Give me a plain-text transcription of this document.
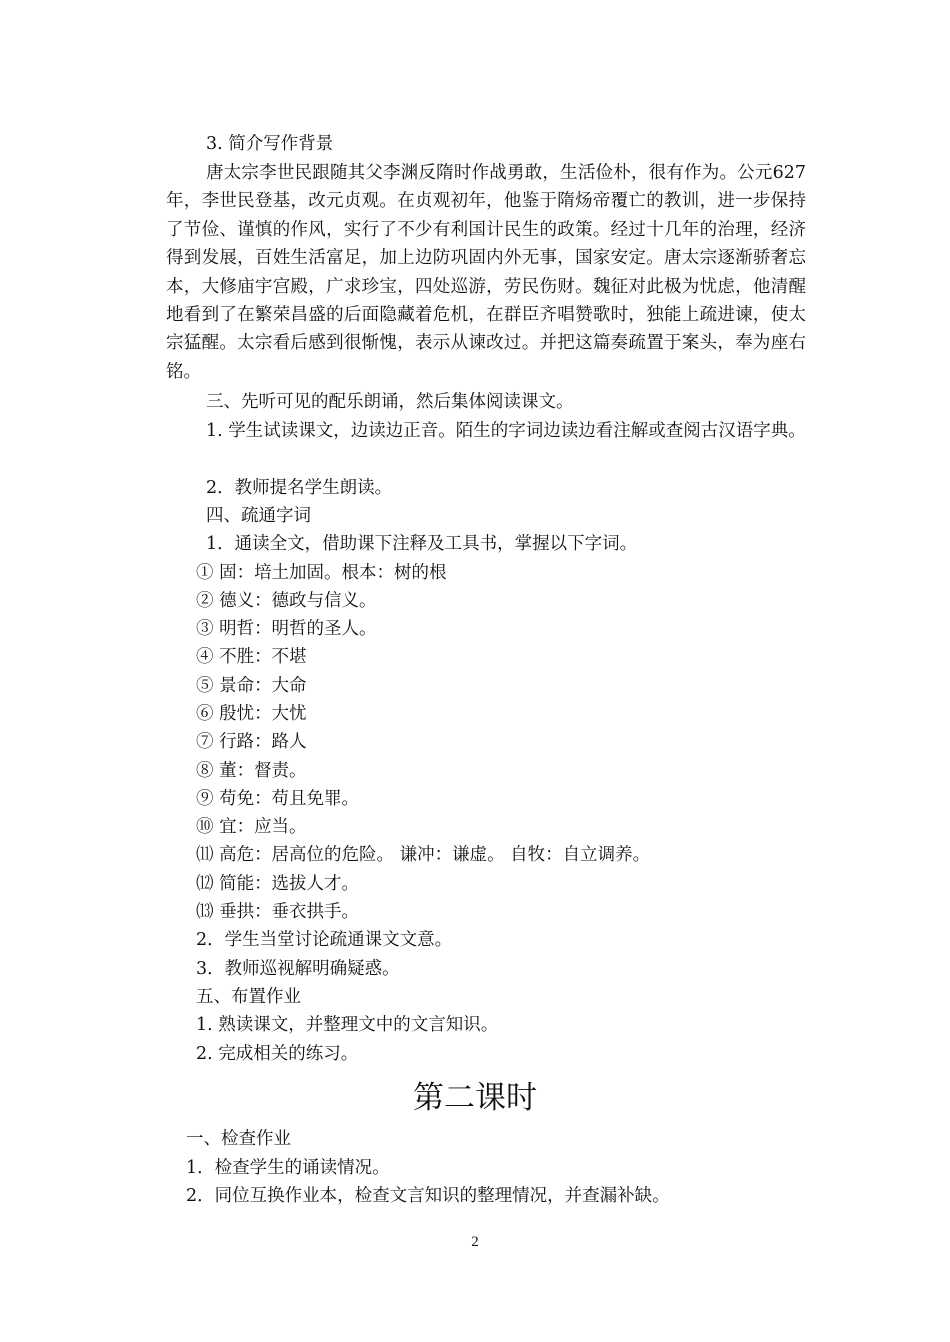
3. 简介写作背景
唐太宗李世民跟随其父李渊反隋时作战勇敢，生活俭朴，很有作为。公元627年，李世民登基，改元贞观。在贞观初年，他鉴于隋炀帝覆亡的教训，进一步保持了节俭、谨慎的作风，实行了不少有利国计民生的政策。经过十几年的治理，经济得到发展，百姓生活富足，加上边防巩固内外无事，国家安定。唐太宗逐渐骄奢忘本，大修庙宇宫殿，广求珍宝，四处巡游，劳民伤财。魏征对此极为忧虑，他清醒地看到了在繁荣昌盛的后面隐藏着危机，在群臣齐唱赞歌时，独能上疏进谏，使太宗猛醒。太宗看后感到很惭愧，表示从谏改过。并把这篇奏疏置于案头，奉为座右铭。
三、先听可见的配乐朗诵，然后集体阅读课文。
1. 学生试读课文，边读边正音。陌生的字词边读边看注解或查阅古汉语字典。
2．教师提名学生朗读。
四、疏通字词
1．通读全文，借助课下注释及工具书，掌握以下字词。
① 固：培土加固。根本：树的根
② 德义：德政与信义。
③ 明哲：明哲的圣人。
④ 不胜：不堪
⑤ 景命：大命
⑥ 殷忧：大忧
⑦ 行路：路人
⑧ 董：督责。
⑨ 苟免：苟且免罪。
⑩ 宜：应当。
⑾ 高危：居高位的危险。 谦冲：谦虚。 自牧：自立调养。
⑿ 简能：选拔人才。
⒀ 垂拱：垂衣拱手。
2．学生当堂讨论疏通课文文意。
3．教师巡视解明确疑惑。
五、布置作业
1. 熟读课文，并整理文中的文言知识。
2. 完成相关的练习。
第二课时
一、检查作业
1．检查学生的诵读情况。
2．同位互换作业本，检查文言知识的整理情况，并查漏补缺。
2
